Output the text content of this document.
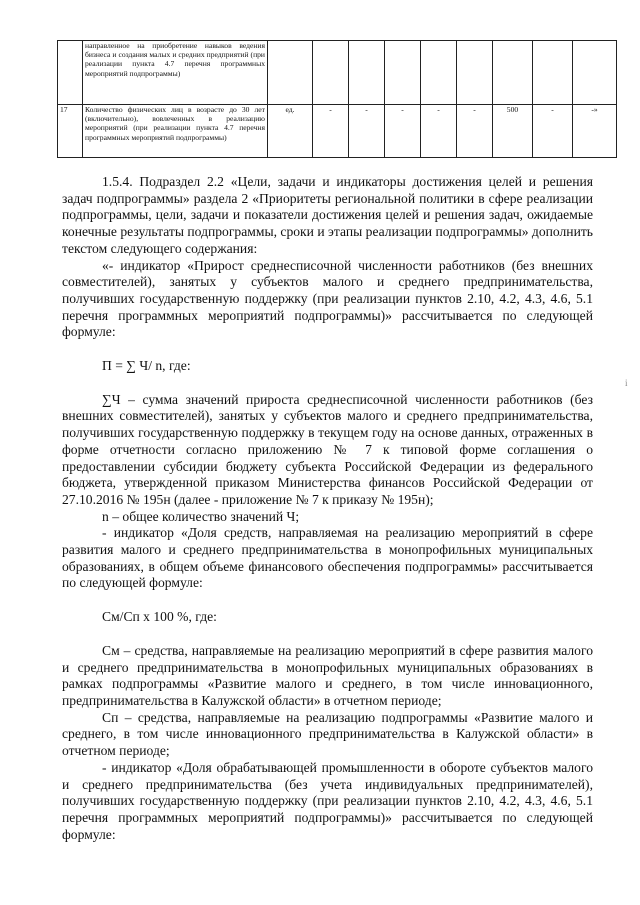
	направленное на приобретение навыков ведения бизнеса и создания малых и средних предприятий (при реализации пункта 4.7 перечня программных мероприятий подпрограммы)									
17	Количество физических лиц в возрасте до 30 лет (включительно), вовлеченных в реализацию мероприятий (при реализации пункта 4.7 перечня программных мероприятий подпрограммы)	ед.	-	-	-	-	-	500	-	-»

1.5.4. Подраздел 2.2 «Цели, задачи и индикаторы достижения целей и решения задач подпрограммы» раздела 2 «Приоритеты региональной политики в сфере реализации подпрограммы, цели, задачи и показатели достижения целей и решения задач, ожидаемые конечные результаты подпрограммы, сроки и этапы реализации подпрограммы» дополнить текстом следующего содержания:

«- индикатор «Прирост среднесписочной численности работников (без внешних совместителей), занятых у субъектов малого и среднего предпринимательства, получивших государственную поддержку (при реализации пунктов 2.10, 4.2, 4.3, 4.6, 5.1 перечня программных мероприятий подпрограммы)» рассчитывается по следующей формуле:

П = ∑ Ч/ n, где:

∑Ч – сумма значений прироста среднесписочной численности работников (без внешних совместителей), занятых у субъектов малого и среднего предпринимательства, получивших государственную поддержку в текущем году на основе данных, отраженных в форме отчетности согласно приложению № 7 к типовой форме соглашения о предоставлении субсидии бюджету субъекта Российской Федерации из федерального бюджета, утвержденной приказом Министерства финансов Российской Федерации от 27.10.2016 № 195н (далее - приложение № 7 к приказу № 195н);

n – общее количество значений Ч;

- индикатор «Доля средств, направляемая на реализацию мероприятий в сфере развития малого и среднего предпринимательства в монопрофильных муниципальных образованиях, в общем объеме финансового обеспечения подпрограммы» рассчитывается по следующей формуле:

См/Сп х 100 %, где:

См – средства, направляемые на реализацию мероприятий в сфере развития малого и среднего предпринимательства в монопрофильных муниципальных образованиях в рамках подпрограммы «Развитие малого и среднего, в том числе инновационного, предпринимательства в Калужской области» в отчетном периоде;

Сп – средства, направляемые на реализацию подпрограммы «Развитие малого и среднего, в том числе инновационного предпринимательства в Калужской области» в отчетном периоде;

- индикатор «Доля обрабатывающей промышленности в обороте субъектов малого и среднего предпринимательства (без учета индивидуальных предпринимателей), получивших государственную поддержку (при реализации пунктов 2.10, 4.2, 4.3, 4.6, 5.1 перечня программных мероприятий подпрограммы)» рассчитывается по следующей формуле:

i
